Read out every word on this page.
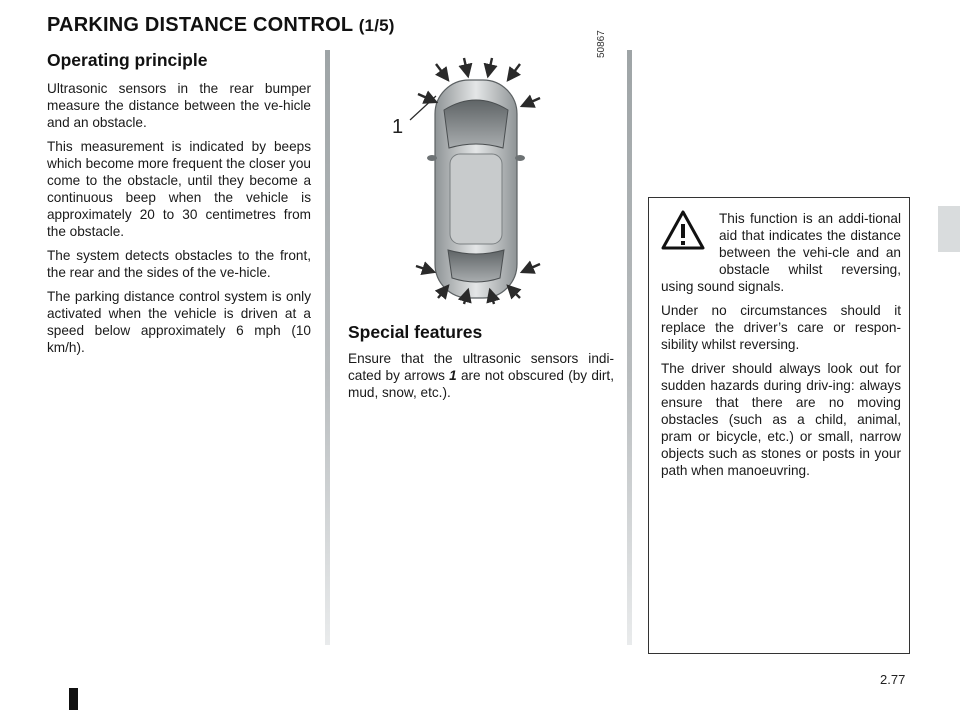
PARKING DISTANCE CONTROL (1/5)
Operating principle

Ultrasonic sensors in the rear bumper measure the distance between the ve-hicle and an obstacle.

This measurement is indicated by beeps which become more frequent the closer you come to the obstacle, until they become a continuous beep when the vehicle is approximately 20 to 30 centimetres from the obstacle.

The system detects obstacles to the front, the rear and the sides of the ve-hicle.

The parking distance control system is only activated when the vehicle is driven at a speed below approximately 6 mph (10 km/h).

1
50867
Special features

Ensure that the ultrasonic sensors indi-cated by arrows 1 are not obscured (by dirt, mud, snow, etc.).

This function is an addi-tional aid that indicates the distance between the vehi-cle and an obstacle whilst reversing, using sound signals.

Under no circumstances should it replace the driver’s care or respon-sibility whilst reversing.

The driver should always look out for sudden hazards during driv-ing: always ensure that there are no moving obstacles (such as a child, animal, pram or bicycle, etc.) or small, narrow objects such as stones or posts in your path when manoeuvring.

2.77
